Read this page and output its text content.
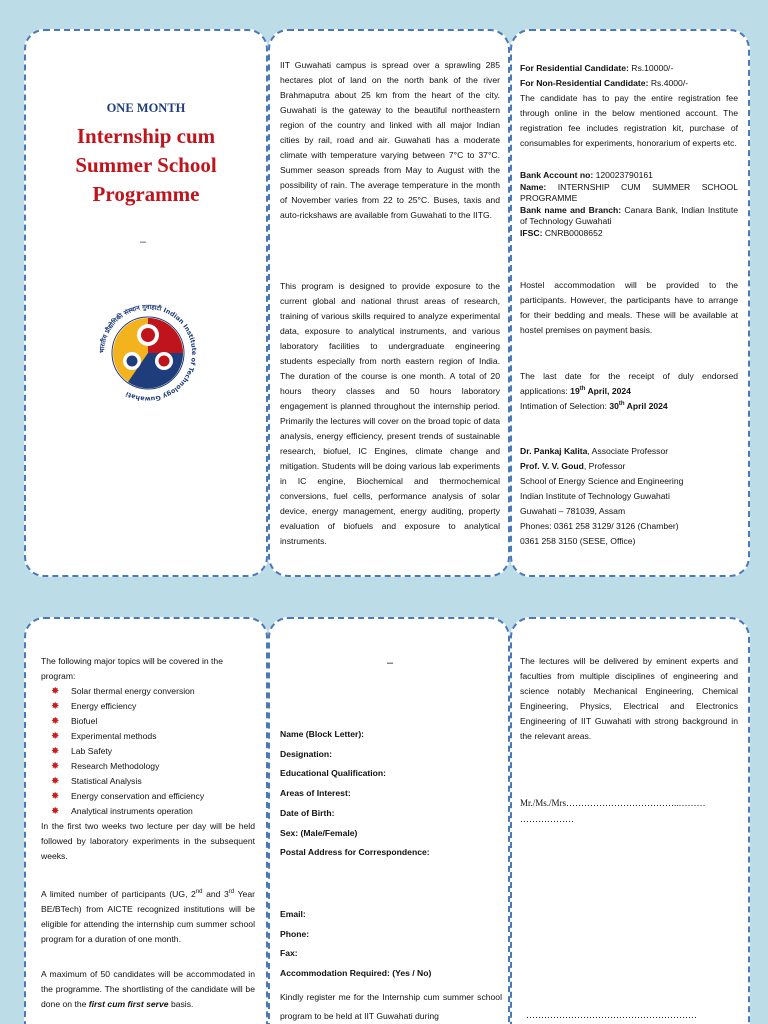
ONE MONTH
Internship cum
Summer School
Programme
–
भारतीय प्रौद्योगिकी संस्थान गुवाहाटी Indian Institute of Technology Guwahati
IIT Guwahati campus is spread over a sprawling 285 hectares plot of land on the north bank of the river Brahmaputra about 25 km from the heart of the city. Guwahati is the gateway to the beautiful northeastern region of the country and linked with all major Indian cities by rail, road and air. Guwahati has a moderate climate with temperature varying between 7°C to 37°C. Summer season spreads from May to August with the possibility of rain. The average temperature in the month of November varies from 22 to 25°C. Buses, taxis and auto-rickshaws are available from Guwahati to the IITG.
This program is designed to provide exposure to the current global and national thrust areas of research, training of various skills required to analyze experimental data, exposure to analytical instruments, and various laboratory facilities to undergraduate engineering students especially from north eastern region of India. The duration of the course is one month. A total of 20 hours theory classes and 50 hours laboratory engagement is planned throughout the internship period. Primarily the lectures will cover on the broad topic of data analysis, energy efficiency, present trends of sustainable research, biofuel, IC Engines, climate change and mitigation. Students will be doing various lab experiments in IC engine, Biochemical and thermochemical conversions, fuel cells, performance analysis of solar device, energy management, energy auditing, property evaluation of biofuels and exposure to analytical instruments.
For Residential Candidate: Rs.10000/-
For Non-Residential Candidate: Rs.4000/-
The candidate has to pay the entire registration fee through online in the below mentioned account. The registration fee includes registration kit, purchase of consumables for experiments, honorarium of experts etc.
Bank Account no: 120023790161
Name: INTERNSHIP CUM SUMMER SCHOOL PROGRAMME
Bank name and Branch: Canara Bank, Indian Institute of Technology Guwahati
IFSC: CNRB0008652
Hostel accommodation will be provided to the participants. However, the participants have to arrange for their bedding and meals. These will be available at hostel premises on payment basis.
The last date for the receipt of duly endorsed applications: 19th April, 2024
Intimation of Selection: 30th April 2024
Dr. Pankaj Kalita, Associate Professor
Prof. V. V. Goud, Professor
School of Energy Science and Engineering
Indian Institute of Technology Guwahati
Guwahati – 781039, Assam
Phones: 0361 258 3129/ 3126 (Chamber)
0361 258 3150 (SESE, Office)
The following major topics will be covered in the program:
✸ Solar thermal energy conversion
✸ Energy efficiency
✸ Biofuel
✸ Experimental methods
✸ Lab Safety
✸ Research Methodology
✸ Statistical Analysis
✸ Energy conservation and efficiency
✸ Analytical instruments operation
In the first two weeks two lecture per day will be held followed by laboratory experiments in the subsequent weeks.
A limited number of participants (UG, 2nd and 3rd Year BE/BTech) from AICTE recognized institutions will be eligible for attending the internship cum summer school program for a duration of one month.
A maximum of 50 candidates will be accommodated in the programme. The shortlisting of the candidate will be done on the first cum first serve basis.
–
Name (Block Letter):
Designation:
Educational Qualification:
Areas of Interest:
Date of Birth:
Sex: (Male/Female)
Postal Address for Correspondence:
Email:
Phone:
Fax:
Accommodation Required: (Yes / No)
Kindly register me for the Internship cum summer school program to be held at IIT Guwahati during
The lectures will be delivered by eminent experts and faculties from multiple disciplines of engineering and science notably Mechanical Engineering, Chemical Engineering, Physics, Electrical and Electronics Engineering of IIT Guwahati with strong background in the relevant areas.
Mr./Ms./Mrs………………………………..………
………………
…………………………………………………
